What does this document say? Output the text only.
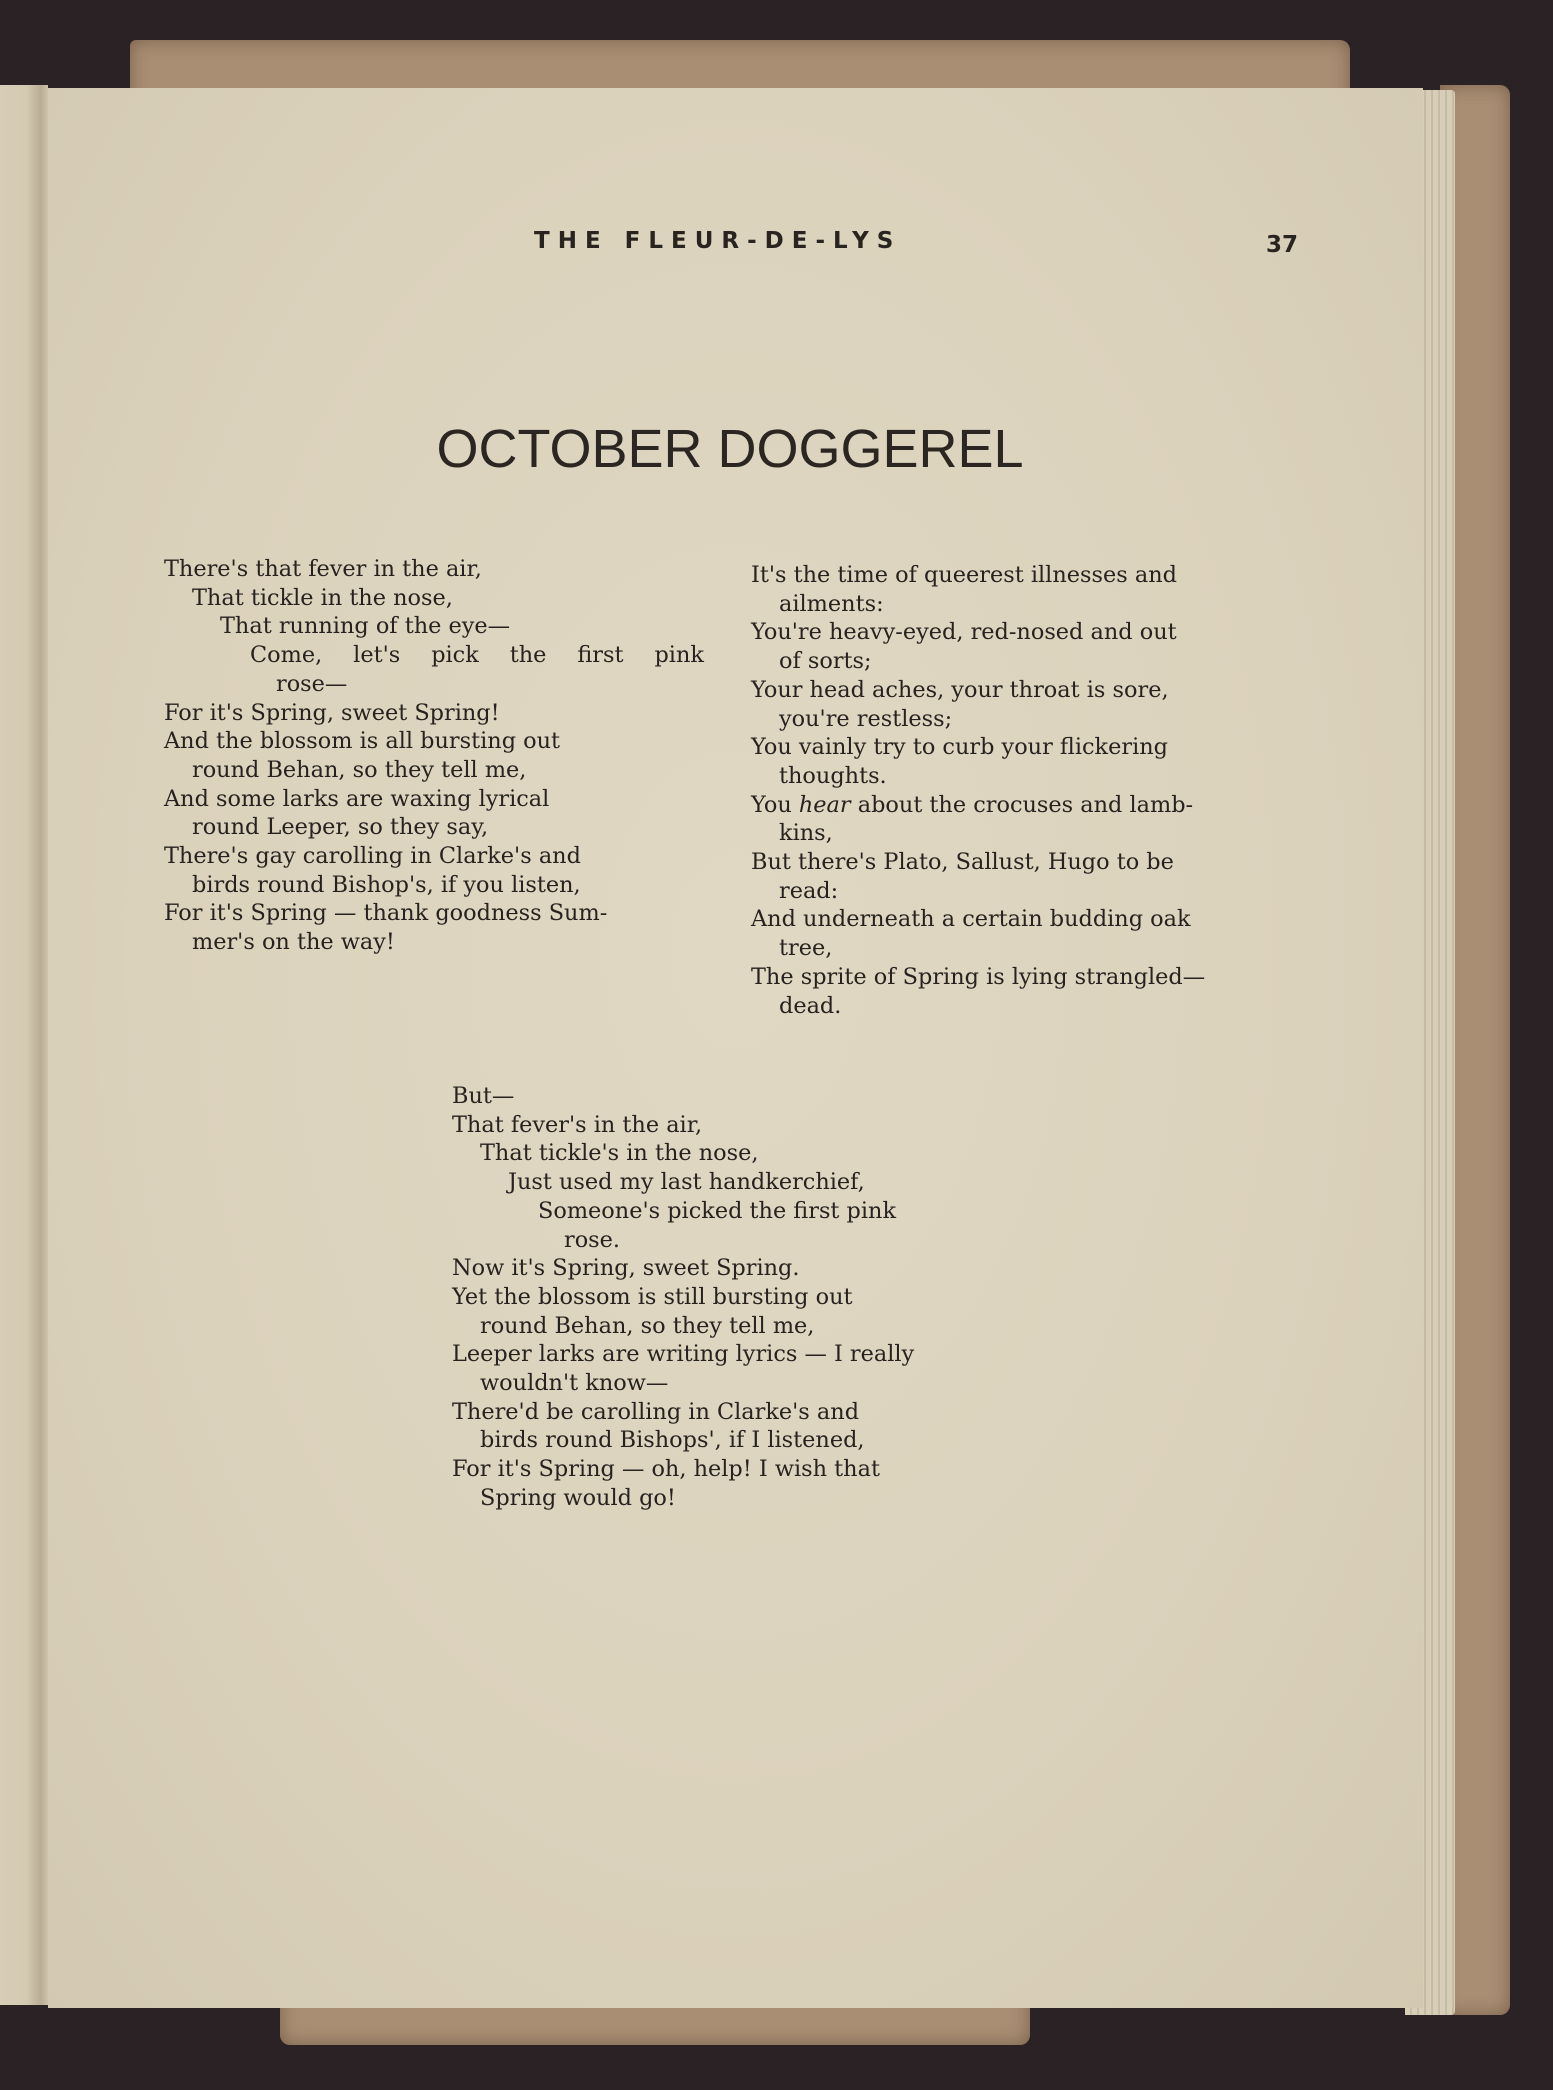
THE FLEUR-DE-LYS	37
OCTOBER DOGGEREL
There's that fever in the air,
That tickle in the nose,
That running of the eye—
Come, let's pick the first pink
rose—
For it's Spring, sweet Spring!
And the blossom is all bursting out
round Behan, so they tell me,
And some larks are waxing lyrical
round Leeper, so they say,
There's gay carolling in Clarke's and
birds round Bishop's, if you listen,
For it's Spring — thank goodness Sum-
mer's on the way!
It's the time of queerest illnesses and
ailments:
You're heavy-eyed, red-nosed and out
of sorts;
Your head aches, your throat is sore,
you're restless;
You vainly try to curb your flickering
thoughts.
You hear about the crocuses and lamb-
kins,
But there's Plato, Sallust, Hugo to be
read:
And underneath a certain budding oak
tree,
The sprite of Spring is lying strangled—
dead.
But—
That fever's in the air,
That tickle's in the nose,
Just used my last handkerchief,
Someone's picked the first pink
rose.
Now it's Spring, sweet Spring.
Yet the blossom is still bursting out
round Behan, so they tell me,
Leeper larks are writing lyrics — I really
wouldn't know—
There'd be carolling in Clarke's and
birds round Bishops', if I listened,
For it's Spring — oh, help! I wish that
Spring would go!
